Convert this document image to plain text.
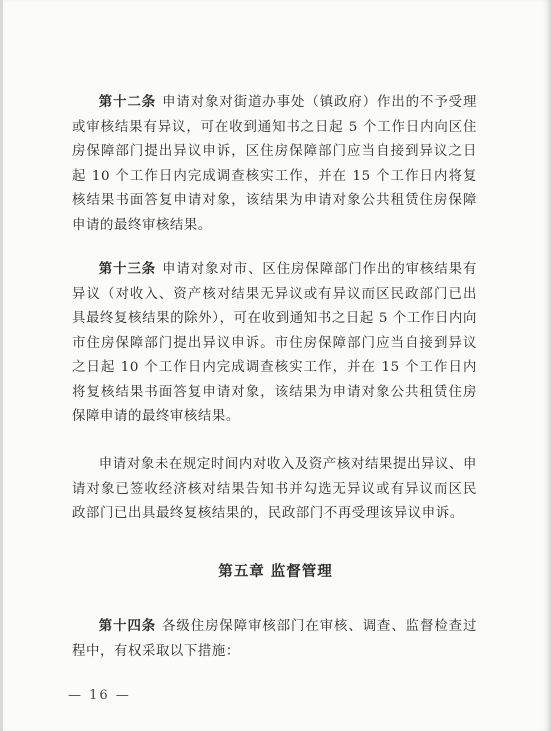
第十二条 申请对象对街道办事处（镇政府）作出的不予受理或审核结果有异议，可在收到通知书之日起 5 个工作日内向区住房保障部门提出异议申诉，区住房保障部门应当自接到异议之日起 10 个工作日内完成调查核实工作，并在 15 个工作日内将复核结果书面答复申请对象，该结果为申请对象公共租赁住房保障申请的最终审核结果。

第十三条 申请对象对市、区住房保障部门作出的审核结果有异议（对收入、资产核对结果无异议或有异议而区民政部门已出具最终复核结果的除外），可在收到通知书之日起 5 个工作日内向市住房保障部门提出异议申诉。市住房保障部门应当自接到异议之日起 10 个工作日内完成调查核实工作，并在 15 个工作日内将复核结果书面答复申请对象，该结果为申请对象公共租赁住房保障申请的最终审核结果。

申请对象未在规定时间内对收入及资产核对结果提出异议、申请对象已签收经济核对结果告知书并勾选无异议或有异议而区民政部门已出具最终复核结果的，民政部门不再受理该异议申诉。

第五章 监督管理

第十四条 各级住房保障审核部门在审核、调查、监督检查过程中，有权采取以下措施：

— 16 —
